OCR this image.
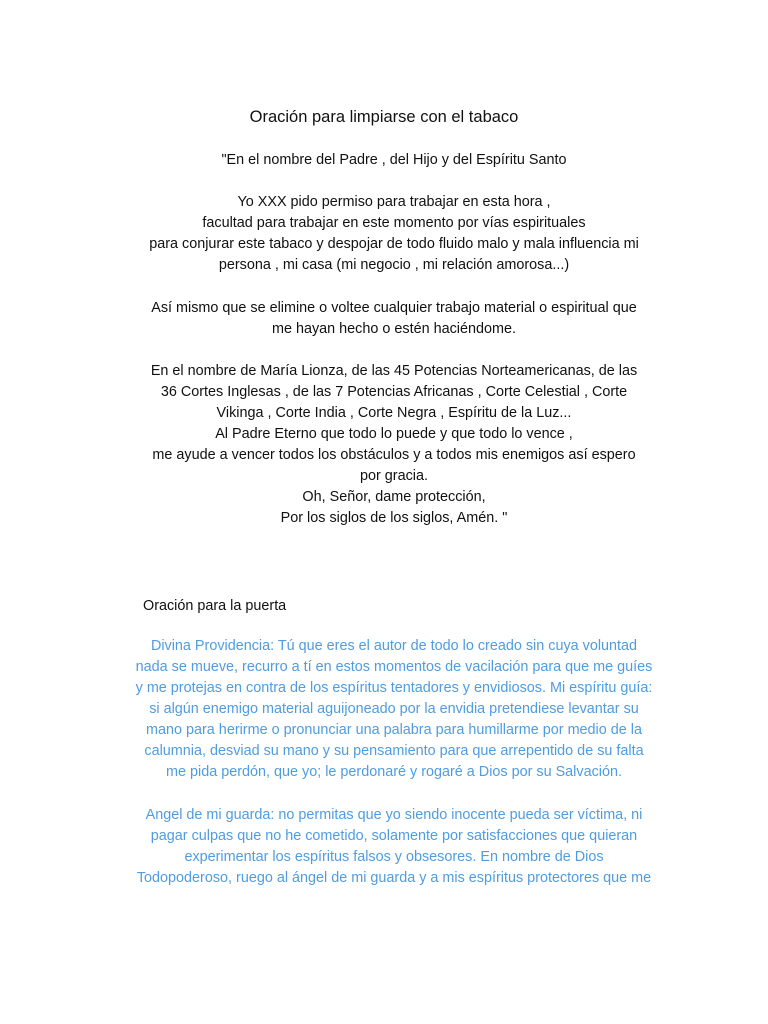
Oración para limpiarse con el tabaco

"En el nombre del Padre , del Hijo y del Espíritu Santo

Yo XXX pido permiso para trabajar en esta hora ,
facultad para trabajar en este momento por vías espirituales
para conjurar este tabaco y despojar de todo fluido malo y mala influencia mi
persona , mi casa (mi negocio , mi relación amorosa...)

Así mismo que se elimine o voltee cualquier trabajo material o espiritual que
me hayan hecho o estén haciéndome.

En el nombre de María Lionza, de las 45 Potencias Norteamericanas, de las
36 Cortes Inglesas , de las 7 Potencias Africanas , Corte Celestial , Corte
Vikinga , Corte India , Corte Negra , Espíritu de la Luz...
Al Padre Eterno que todo lo puede y que todo lo vence ,
me ayude a vencer todos los obstáculos y a todos mis enemigos así espero
por gracia.
Oh, Señor, dame protección,
Por los siglos de los siglos, Amén. "

Oración para la puerta

Divina Providencia: Tú que eres el autor de todo lo creado sin cuya voluntad
nada se mueve, recurro a tí en estos momentos de vacilación para que me guíes
y me protejas en contra de los espíritus tentadores y envidiosos. Mi espíritu guía:
si algún enemigo material aguijoneado por la envidia pretendiese levantar su
mano para herirme o pronunciar una palabra para humillarme por medio de la
calumnia, desviad su mano y su pensamiento para que arrepentido de su falta
me pida perdón, que yo; le perdonaré y rogaré a Dios por su Salvación.

Angel de mi guarda: no permitas que yo siendo inocente pueda ser víctima, ni
pagar culpas que no he cometido, solamente por satisfacciones que quieran
experimentar los espíritus falsos y obsesores. En nombre de Dios
Todopoderoso, ruego al ángel de mi guarda y a mis espíritus protectores que me
